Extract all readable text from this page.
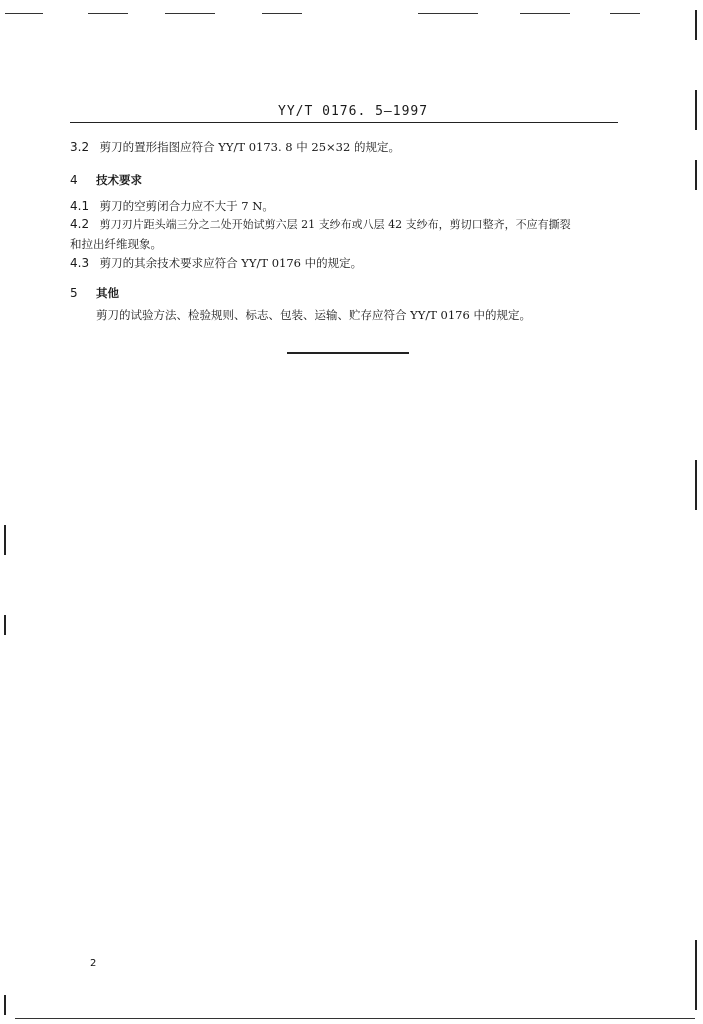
YY/T 0176. 5—1997
3.2 剪刀的置形指图应符合 YY/T 0173. 8 中 25×32 的规定。
4 技术要求
4.1 剪刀的空剪闭合力应不大于 7 N。
4.2 剪刀刃片距头端三分之二处开始试剪六层 21 支纱布或八层 42 支纱布，剪切口整齐，不应有撕裂
和拉出纤维现象。
4.3 剪刀的其余技术要求应符合 YY/T 0176 中的规定。
5 其他
剪刀的试验方法、检验规则、标志、包装、运输、贮存应符合 YY/T 0176 中的规定。
2
